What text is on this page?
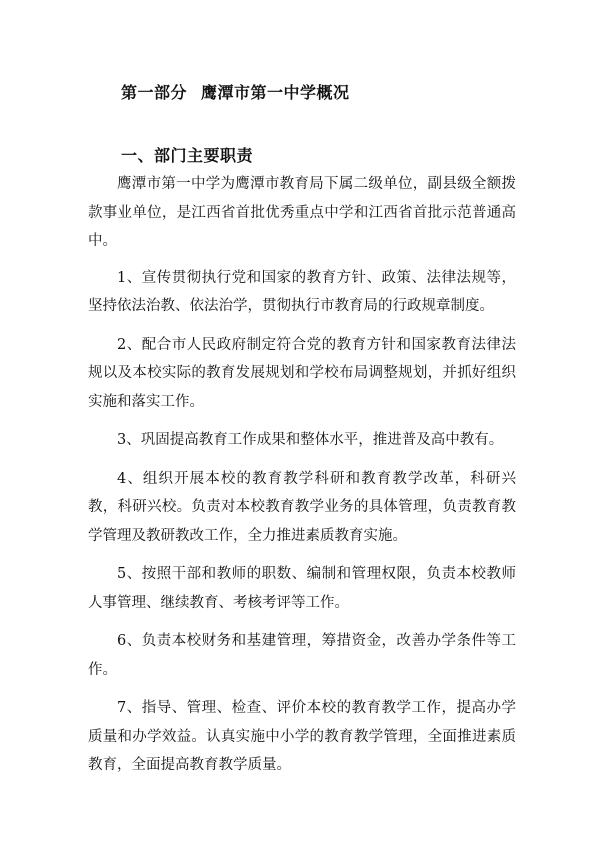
第一部分 鹰潭市第一中学概况
一、部门主要职责

鹰潭市第一中学为鹰潭市教育局下属二级单位，副县级全额拨款事业单位，是江西省首批优秀重点中学和江西省首批示范普通高中。

1、宣传贯彻执行党和国家的教育方针、政策、法律法规等，坚持依法治教、依法治学，贯彻执行市教育局的行政规章制度。

2、配合市人民政府制定符合党的教育方针和国家教育法律法规以及本校实际的教育发展规划和学校布局调整规划，并抓好组织实施和落实工作。

3、巩固提高教育工作成果和整体水平，推进普及高中教有。

4、组织开展本校的教育教学科研和教育教学改革，科研兴教，科研兴校。负责对本校教育教学业务的具体管理，负责教育教学管理及教研教改工作，全力推进素质教育实施。

5、按照干部和教师的职数、编制和管理权限，负责本校教师人事管理、继续教育、考核考评等工作。

6、负责本校财务和基建管理，筹措资金，改善办学条件等工作。

7、指导、管理、检查、评价本校的教育教学工作，提高办学质量和办学效益。认真实施中小学的教育教学管理，全面推进素质教育，全面提高教育教学质量。
